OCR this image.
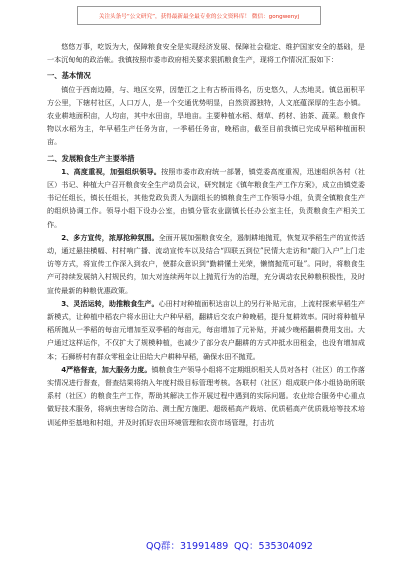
关注头条号“公文研究”，获得最新最全最专业的公文资料库！ 微信：gongwenyj

悠悠万事，吃饭为大，保障粮食安全是实现经济发展、保障社会稳定、维护国家安全的基础，是一本沉甸甸的政治帐。我镇按照市委市政府相关要求狠抓粮食生产，现将工作情况汇报如下：

一、基本情况

镇位于西南边陲，与、地区交界，因楚江之上有古桥而得名，历史悠久，人杰地灵。镇总面积平方公里，下辖村社区，人口万人，是一个交通优势明显，自然资源独特，人文底蕴深厚的生态小镇。农业耕地面积亩，人均亩，其中水田亩，旱地亩。主要种植水稻、烟草、药材、油茶、蔬菜。粮食作物以水稻为主，年早稻生产任务为亩，一季稻任务亩，晚稻亩，截至目前我镇已完成早稻种植面积亩。

二、发展粮食生产主要举措

1、高度重视，加强组织领导。按照市委市政府统一部署，镇党委高度重视，迅速组织各村（社区）书记、种植大户召开粮食安全生产动员会议，研究制定《镇年粮食生产工作方案》，成立由镇党委书记任组长，镇长任组长，其他党政负责人为副组长的镇粮食生产工作领导小组，负责全镇粮食生产的组织协调工作。领导小组下设办公室，由镇分管农业副镇长任办公室主任，负责粮食生产相关工作。

2、多方宣传，浓厚抢种氛围。全面开展加强粮食安全，遏制耕地抛荒，恢复双季稻生产的宣传活动，通过悬挂横幅、村村响广播、流动宣传车以及结合“四联五到位”民情大走访和“敲门入户”上门走访等方式，将宣传工作深入到农户，使群众意识到“勤耕懂土光荣，懒惰抛荒可耻”。同时，将粮食生产可持续发展纳入村规民约，加大对连续两年以上抛荒行为的治理，充分调动农民种粮积极性，及时宣传最新的种粮优惠政策。

3、灵活运转，助推粮食生产。心田村对种植面积达亩以上的另行补贴元亩，上流村探索早稻生产新模式，让种植中稻农户将水田让大户种早稻，翻耕后交农户种晚稻，提升复耕效率。同时将种植早稻所抛从一季稻的每亩元增加至双季稻的每亩元，每亩增加了元补贴，并减少晚稻翻耕费用支出。大户通过这样运作，不仅扩大了规模种植，也减少了部分农户翻耕的方式冲抵水田租金，也没有增加成本；石狮桥村有群众零租金让田给大户耕种早稻，确保水田不抛荒。

4严格督查，加大服务力度。镇粮食生产领导小组将不定期组织相关人员对各村（社区）的工作落实情况进行督查，督查结果将纳入年度村级目标管理考核。各联村（社区）组成联户体小组协助所联系村（社区）的粮食生产工作，帮助其解决工作开展过程中遇到的实际问题。农业综合服务中心重点做好技术服务，将病虫害综合防治、测土配方施肥、超级稻高产栽培、优质稻高产优质栽培等技术培训延伸至基地和村组，并及时抓好农田环境管理和农资市场管理，打击坑

QQ群：31991489 QQ：535304092
